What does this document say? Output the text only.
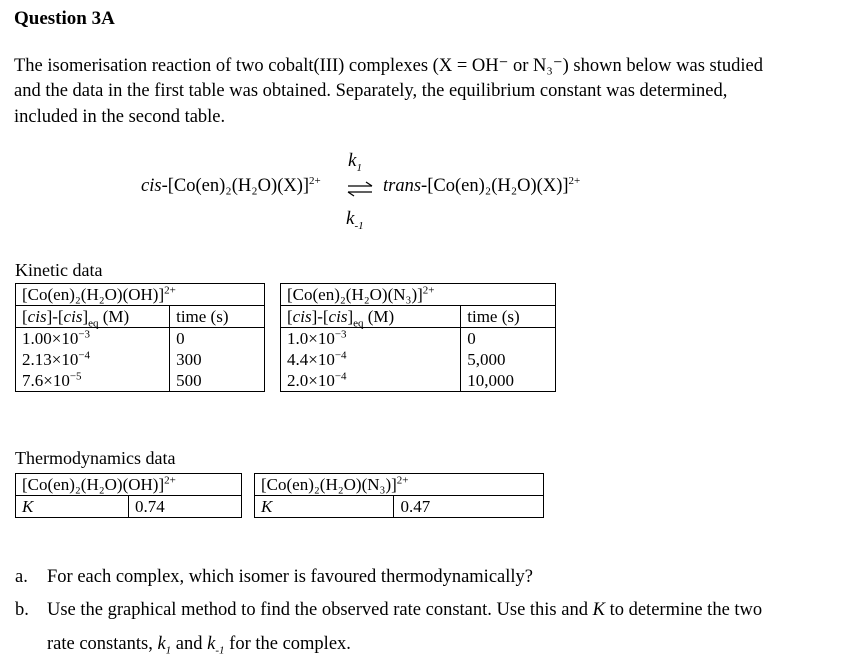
Question 3A
The isomerisation reaction of two cobalt(III) complexes (X = OH⁻ or N₃⁻) shown below was studied
and the data in the first table was obtained. Separately, the equilibrium constant was determined,
included in the second table.
$k_1$
cis-$[Co(en)_2(H_2O)(X)]^{2+}$ ⇌ trans-$[Co(en)_2(H_2O)(X)]^{2+}$
$k_{-1}$
Kinetic data
$[Co(en)_2(H_2O)(OH)]^{2+}$
$[cis]-[cis]_{eq}$ (M)	time (s)
$1.00\times 10^{-3}$	0
$2.13\times 10^{-4}$	300
$7.6\times 10^{-5}$	500
$[Co(en)_2(H_2O)(N_3)]^{2+}$
$[cis]-[cis]_{eq}$ (M)	time (s)
$1.0\times 10^{-3}$	0
$4.4\times 10^{-4}$	5,000
$2.0\times 10^{-4}$	10,000
Thermodynamics data
$[Co(en)_2(H_2O)(OH)]^{2+}$
K	0.74
$[Co(en)_2(H_2O)(N_3)]^{2+}$
K	0.47
a. For each complex, which isomer is favoured thermodynamically?
b. Use the graphical method to find the observed rate constant. Use this and K to determine the two
rate constants, $k_1$ and $k_{-1}$ for the complex.
